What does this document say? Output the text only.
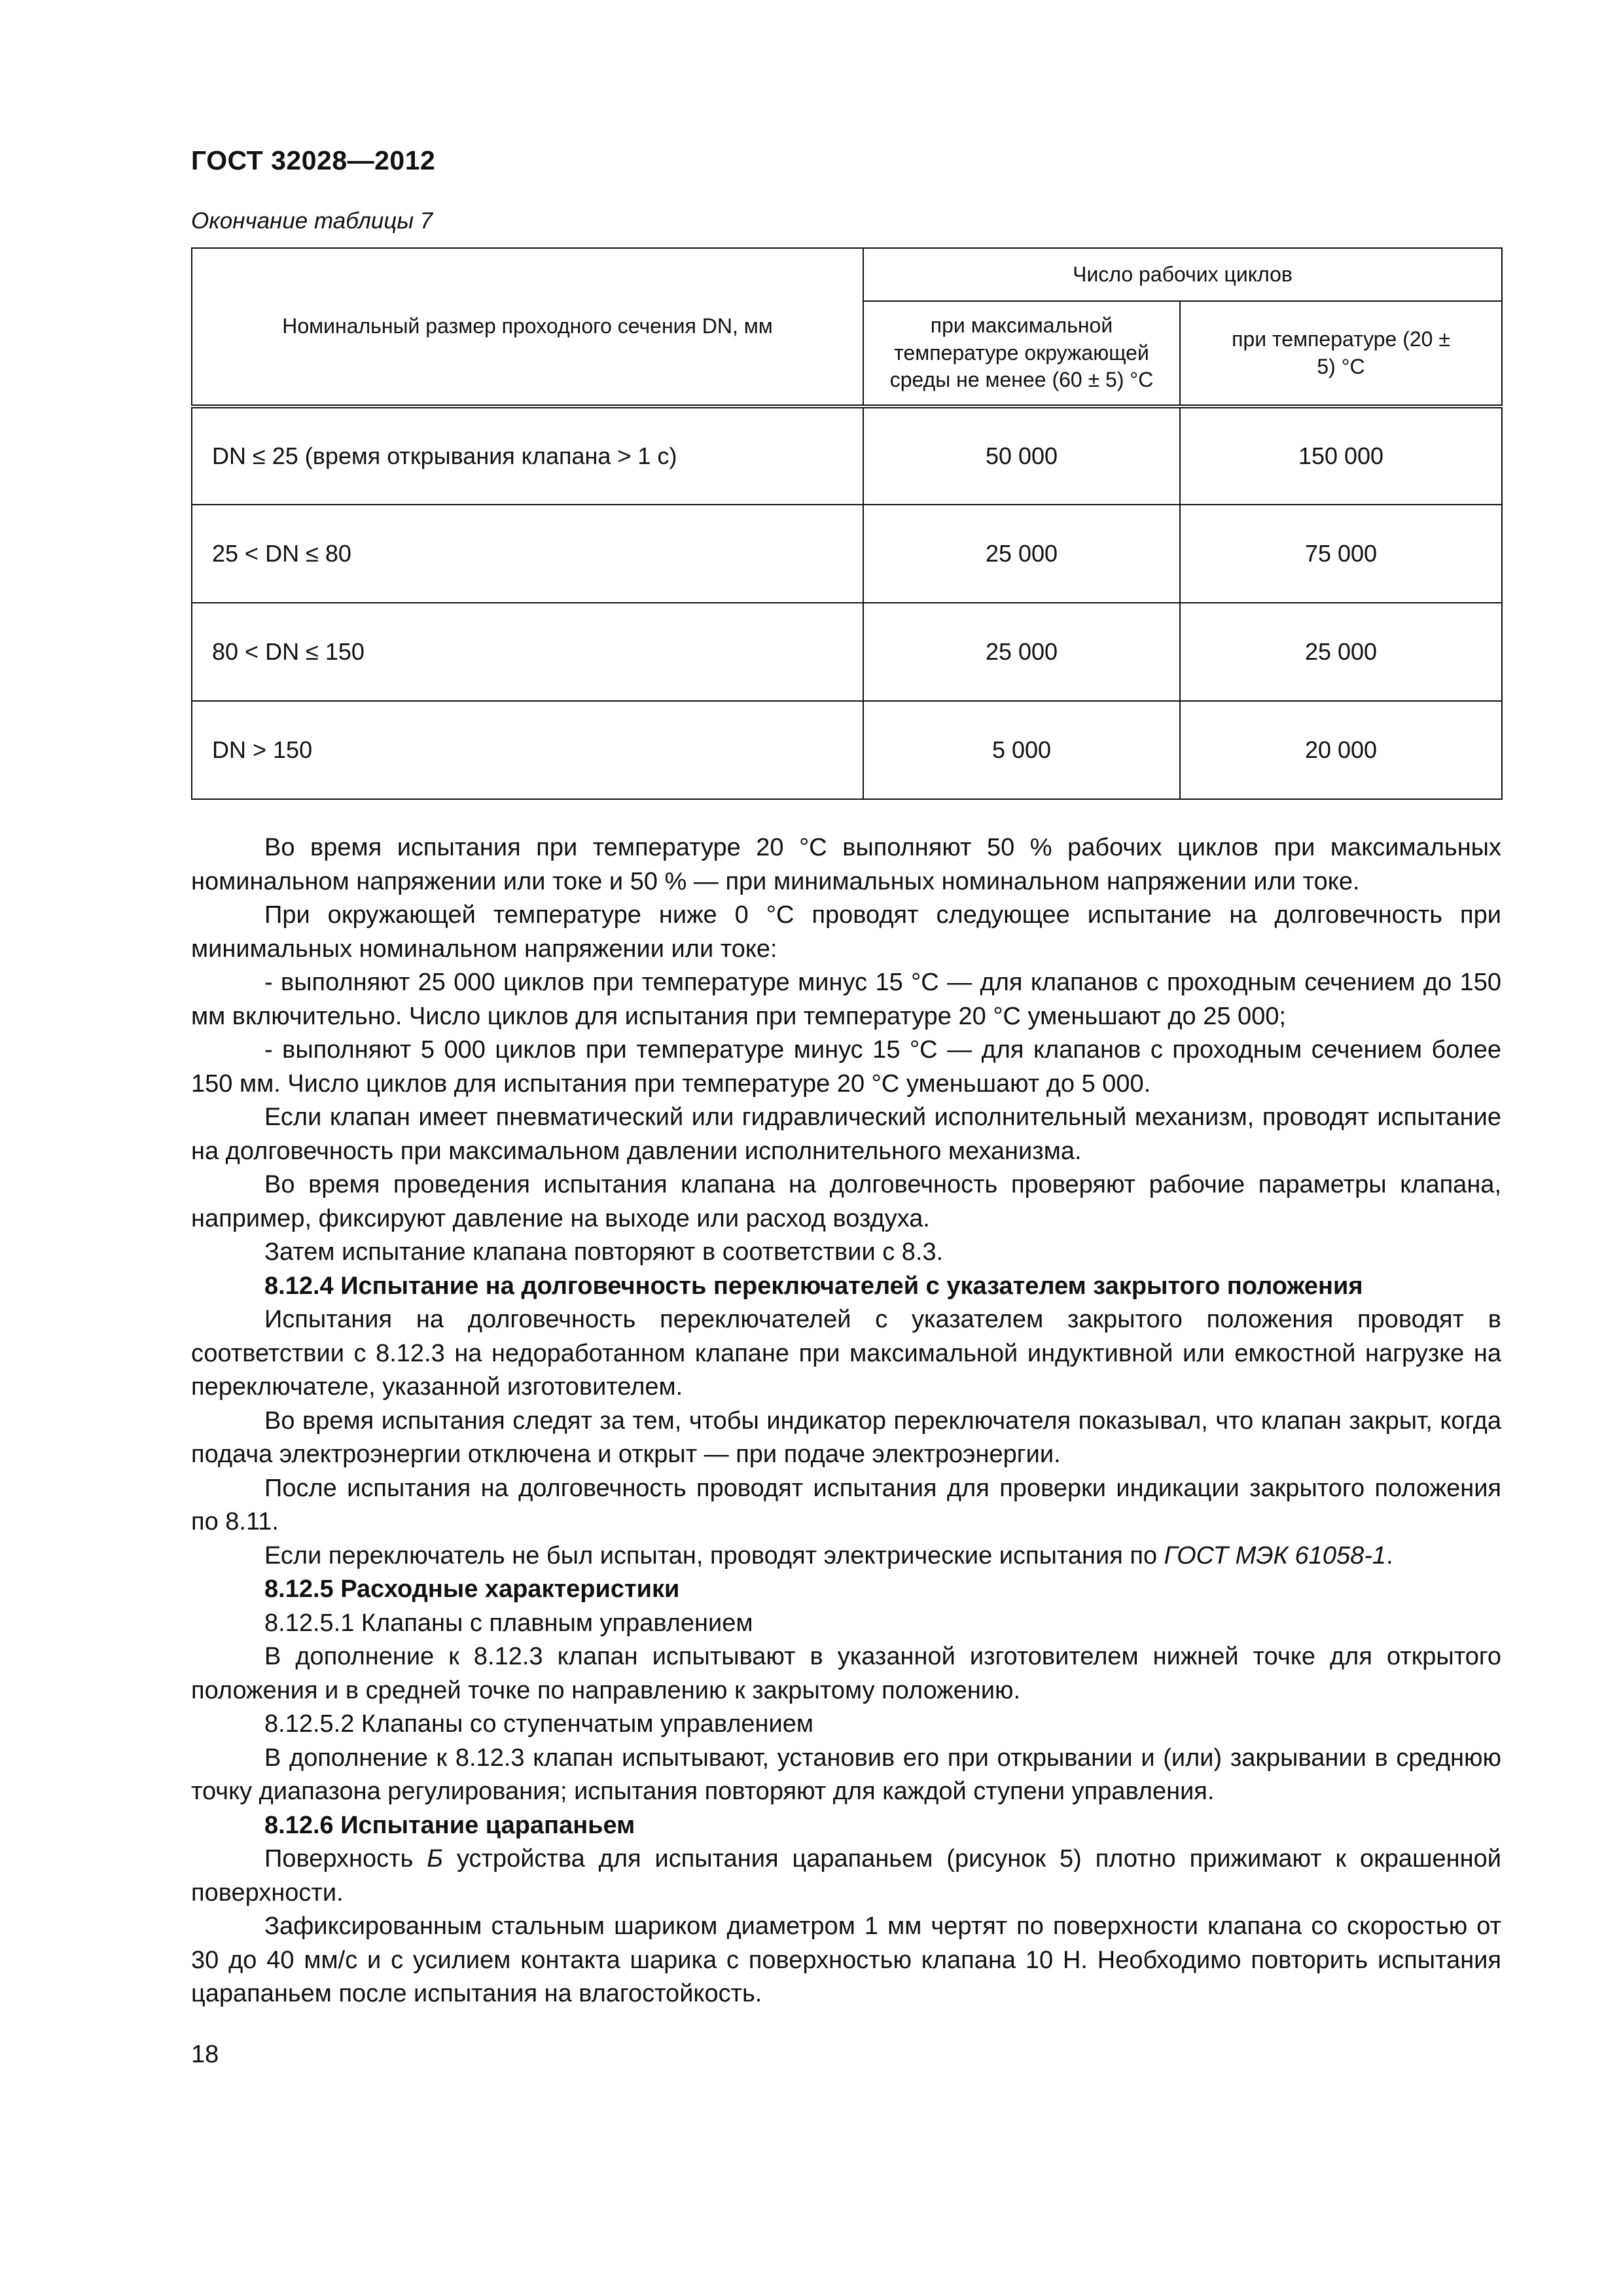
ГОСТ 32028—2012
Окончание таблицы 7
Номинальный размер проходного сечения DN, мм	Число рабочих циклов	
	при максимальной температуре окружающей среды не менее (60 ± 5) °С	при температуре (20 ± 5) °С
DN ≤ 25 (время открывания клапана > 1 с)	50 000	150 000
25 < DN ≤ 80	25 000	75 000
80 < DN ≤ 150	25 000	25 000
DN > 150	5 000	20 000

Во время испытания при температуре 20 °С выполняют 50 % рабочих циклов при максимальных номинальном напряжении или токе и 50 % — при минимальных номинальном напряжении или токе.

При окружающей температуре ниже 0 °С проводят следующее испытание на долговечность при минимальных номинальном напряжении или токе:

- выполняют 25 000 циклов при температуре минус 15 °С — для клапанов с проходным сечением до 150 мм включительно. Число циклов для испытания при температуре 20 °С уменьшают до 25 000;

- выполняют 5 000 циклов при температуре минус 15 °С — для клапанов с проходным сечением более 150 мм. Число циклов для испытания при температуре 20 °С уменьшают до 5 000.

Если клапан имеет пневматический или гидравлический исполнительный механизм, проводят испытание на долговечность при максимальном давлении исполнительного механизма.

Во время проведения испытания клапана на долговечность проверяют рабочие параметры клапана, например, фиксируют давление на выходе или расход воздуха.

Затем испытание клапана повторяют в соответствии с 8.3.

8.12.4 Испытание на долговечность переключателей с указателем закрытого положения

Испытания на долговечность переключателей с указателем закрытого положения проводят в соответствии с 8.12.3 на недоработанном клапане при максимальной индуктивной или емкостной нагрузке на переключателе, указанной изготовителем.

Во время испытания следят за тем, чтобы индикатор переключателя показывал, что клапан закрыт, когда подача электроэнергии отключена и открыт — при подаче электроэнергии.

После испытания на долговечность проводят испытания для проверки индикации закрытого положения по 8.11.

Если переключатель не был испытан, проводят электрические испытания по ГОСТ МЭК 61058-1.

8.12.5 Расходные характеристики

8.12.5.1 Клапаны с плавным управлением

В дополнение к 8.12.3 клапан испытывают в указанной изготовителем нижней точке для открытого положения и в средней точке по направлению к закрытому положению.

8.12.5.2 Клапаны со ступенчатым управлением

В дополнение к 8.12.3 клапан испытывают, установив его при открывании и (или) закрывании в среднюю точку диапазона регулирования; испытания повторяют для каждой ступени управления.

8.12.6 Испытание царапаньем

Поверхность Б устройства для испытания царапаньем (рисунок 5) плотно прижимают к окрашенной поверхности.

Зафиксированным стальным шариком диаметром 1 мм чертят по поверхности клапана со скоростью от 30 до 40 мм/с и с усилием контакта шарика с поверхностью клапана 10 Н. Необходимо повторить испытания царапаньем после испытания на влагостойкость.

18
